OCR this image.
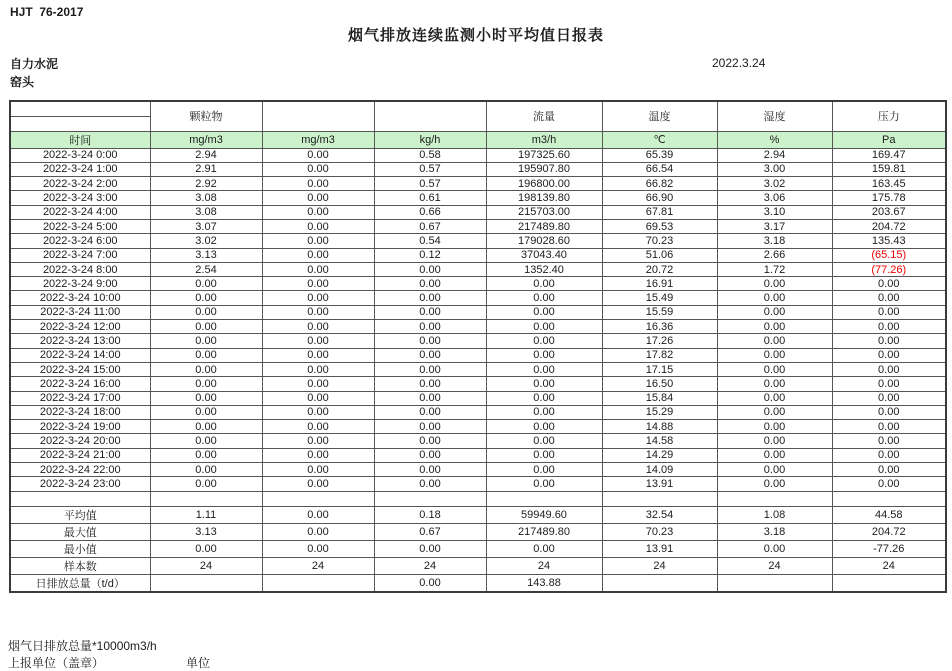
HJT  76-2017
烟气排放连续监测小时平均值日报表
自力水泥	2022.3.24
窑头
	颗粒物			流量	温度	湿度	压力

时间	mg/m3	mg/m3	kg/h	m3/h	℃	%	Pa
2022-3-24 0:00	2.94	0.00	0.58	197325.60	65.39	2.94	169.47
2022-3-24 1:00	2.91	0.00	0.57	195907.80	66.54	3.00	159.81
2022-3-24 2:00	2.92	0.00	0.57	196800.00	66.82	3.02	163.45
2022-3-24 3:00	3.08	0.00	0.61	198139.80	66.90	3.06	175.78
2022-3-24 4:00	3.08	0.00	0.66	215703.00	67.81	3.10	203.67
2022-3-24 5:00	3.07	0.00	0.67	217489.80	69.53	3.17	204.72
2022-3-24 6:00	3.02	0.00	0.54	179028.60	70.23	3.18	135.43
2022-3-24 7:00	3.13	0.00	0.12	37043.40	51.06	2.66	(65.15)
2022-3-24 8:00	2.54	0.00	0.00	1352.40	20.72	1.72	(77.26)
2022-3-24 9:00	0.00	0.00	0.00	0.00	16.91	0.00	0.00
2022-3-24 10:00	0.00	0.00	0.00	0.00	15.49	0.00	0.00
2022-3-24 11:00	0.00	0.00	0.00	0.00	15.59	0.00	0.00
2022-3-24 12:00	0.00	0.00	0.00	0.00	16.36	0.00	0.00
2022-3-24 13:00	0.00	0.00	0.00	0.00	17.26	0.00	0.00
2022-3-24 14:00	0.00	0.00	0.00	0.00	17.82	0.00	0.00
2022-3-24 15:00	0.00	0.00	0.00	0.00	17.15	0.00	0.00
2022-3-24 16:00	0.00	0.00	0.00	0.00	16.50	0.00	0.00
2022-3-24 17:00	0.00	0.00	0.00	0.00	15.84	0.00	0.00
2022-3-24 18:00	0.00	0.00	0.00	0.00	15.29	0.00	0.00
2022-3-24 19:00	0.00	0.00	0.00	0.00	14.88	0.00	0.00
2022-3-24 20:00	0.00	0.00	0.00	0.00	14.58	0.00	0.00
2022-3-24 21:00	0.00	0.00	0.00	0.00	14.29	0.00	0.00
2022-3-24 22:00	0.00	0.00	0.00	0.00	14.09	0.00	0.00
2022-3-24 23:00	0.00	0.00	0.00	0.00	13.91	0.00	0.00

平均值	1.11	0.00	0.18	59949.60	32.54	1.08	44.58
最大值	3.13	0.00	0.67	217489.80	70.23	3.18	204.72
最小值	0.00	0.00	0.00	0.00	13.91	0.00	-77.26
样本数	24	24	24	24	24	24	24
日排放总量（t/d）			0.00	143.88			
烟气日排放总量*10000m3/h
上报单位（盖章）	单位
